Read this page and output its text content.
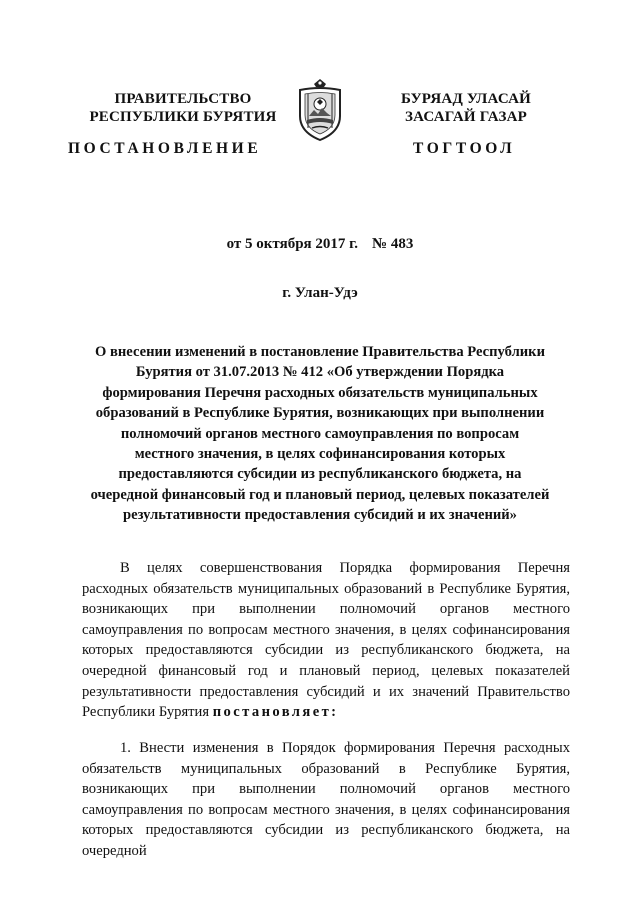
ПРАВИТЕЛЬСТВО
РЕСПУБЛИКИ БУРЯТИЯ
БУРЯАД УЛАСАЙ
ЗАСАГАЙ ГАЗАР
ПОСТАНОВЛЕНИЕ	ТОГТООЛ
от 5 октября 2017 г. № 483
г. Улан-Удэ
О внесении изменений в постановление Правительства Республики Бурятия от 31.07.2013 № 412 «Об утверждении Порядка формирования Перечня расходных обязательств муниципальных образований в Республике Бурятия, возникающих при выполнении полномочий органов местного самоуправления по вопросам местного значения, в целях софинансирования которых предоставляются субсидии из республиканского бюджета, на очередной финансовый год и плановый период, целевых показателей результативности предоставления субсидий и их значений»
В целях совершенствования Порядка формирования Перечня расходных обязательств муниципальных образований в Республике Бурятия, возникающих при выполнении полномочий органов местного самоуправления по вопросам местного значения, в целях софинансирования которых предоставляются субсидии из республиканского бюджета, на очередной финансовый год и плановый период, целевых показателей результативности предоставления субсидий и их значений Правительство Республики Бурятия постановляет:
1. Внести изменения в Порядок формирования Перечня расходных обязательств муниципальных образований в Республике Бурятия, возникающих при выполнении полномочий органов местного самоуправления по вопросам местного значения, в целях софинансирования которых предоставляются субсидии из республиканского бюджета, на очередной
